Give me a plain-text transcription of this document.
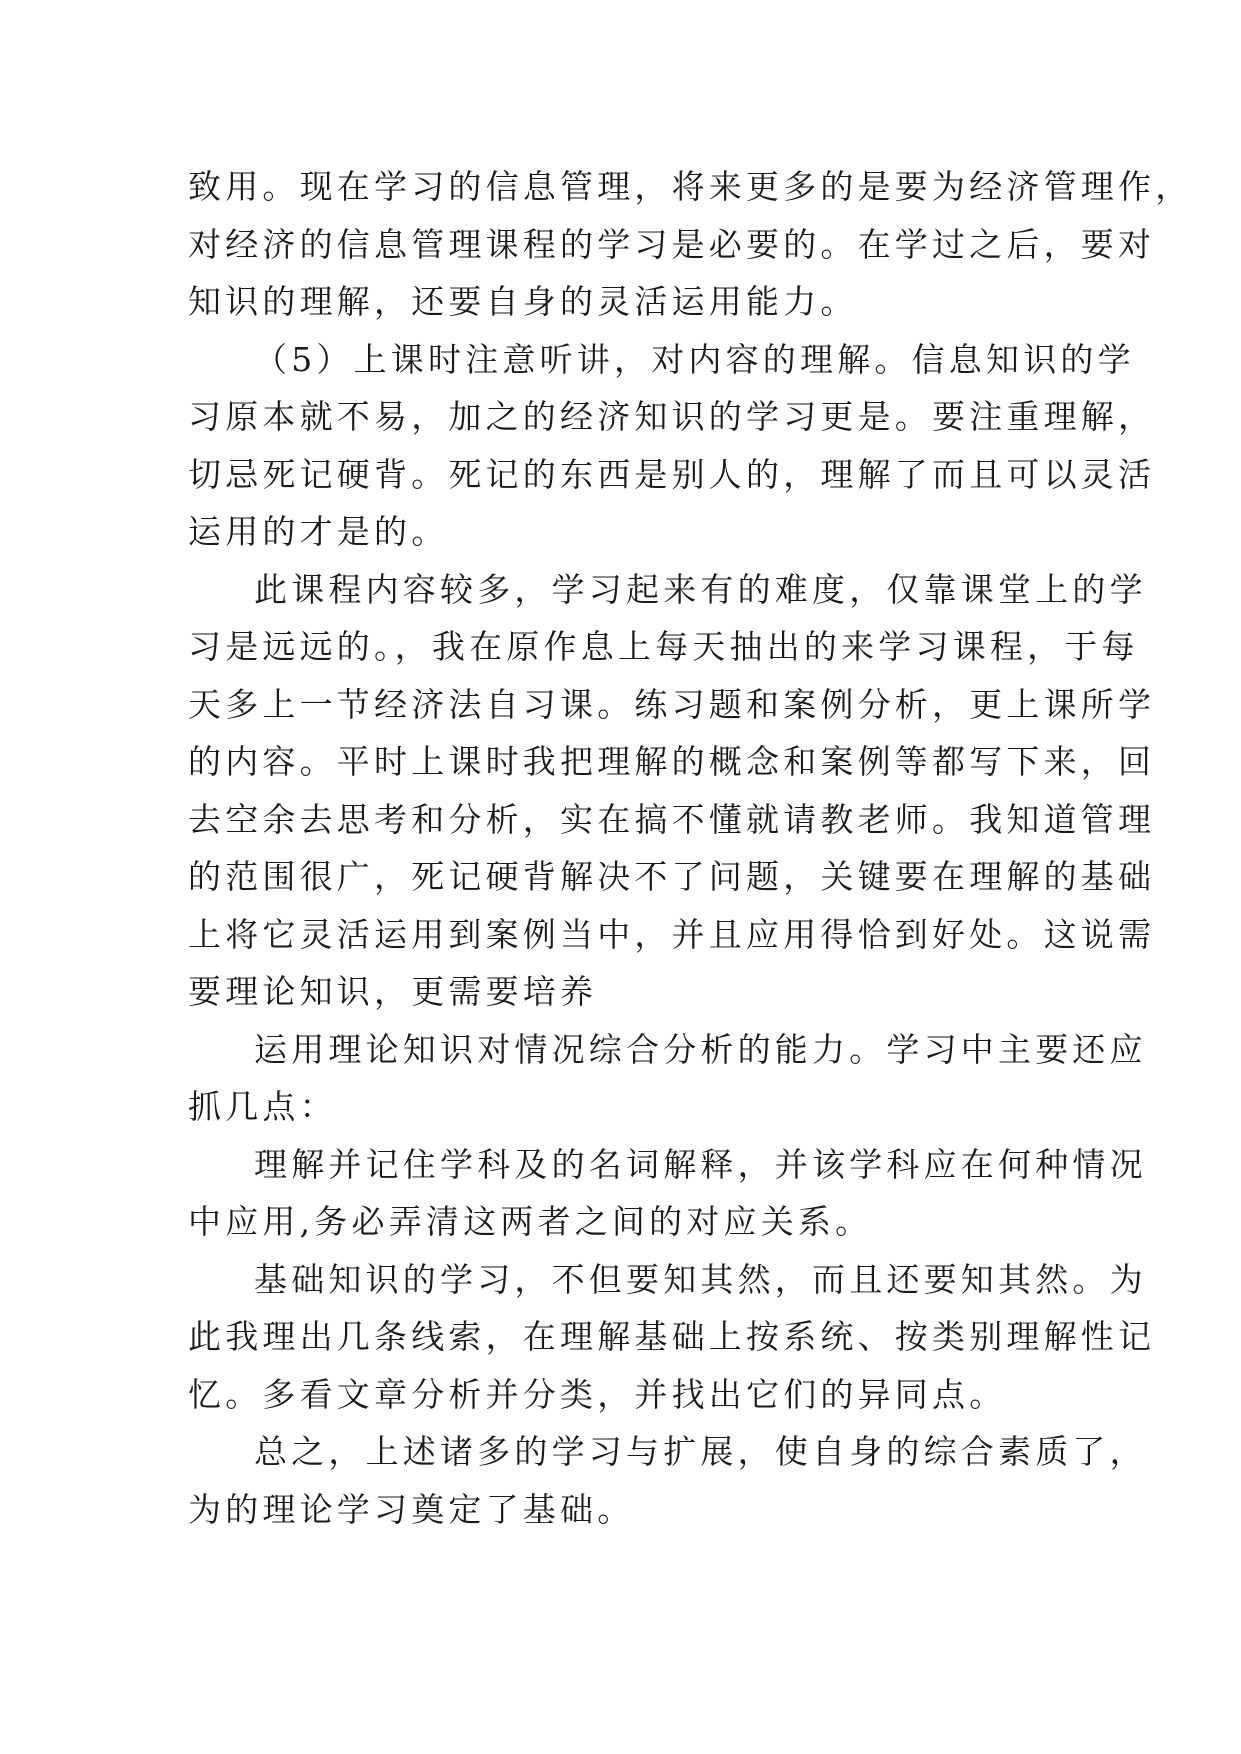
致用。现在学习的信息管理，将来更多的是要为经济管理作，
对经济的信息管理课程的学习是必要的。在学过之后，要对
知识的理解，还要自身的灵活运用能力。
（5）上课时注意听讲，对内容的理解。信息知识的学
习原本就不易，加之的经济知识的学习更是。要注重理解，
切忌死记硬背。死记的东西是别人的，理解了而且可以灵活
运用的才是的。
此课程内容较多，学习起来有的难度，仅靠课堂上的学
习是远远的。，我在原作息上每天抽出的来学习课程，于每
天多上一节经济法自习课。练习题和案例分析，更上课所学
的内容。平时上课时我把理解的概念和案例等都写下来，回
去空余去思考和分析，实在搞不懂就请教老师。我知道管理
的范围很广，死记硬背解决不了问题，关键要在理解的基础
上将它灵活运用到案例当中，并且应用得恰到好处。这说需
要理论知识，更需要培养
运用理论知识对情况综合分析的能力。学习中主要还应
抓几点：
理解并记住学科及的名词解释，并该学科应在何种情况
中应用,务必弄清这两者之间的对应关系。
基础知识的学习，不但要知其然，而且还要知其然。为
此我理出几条线索，在理解基础上按系统、按类别理解性记
忆。多看文章分析并分类，并找出它们的异同点。
总之，上述诸多的学习与扩展，使自身的综合素质了，
为的理论学习奠定了基础。
